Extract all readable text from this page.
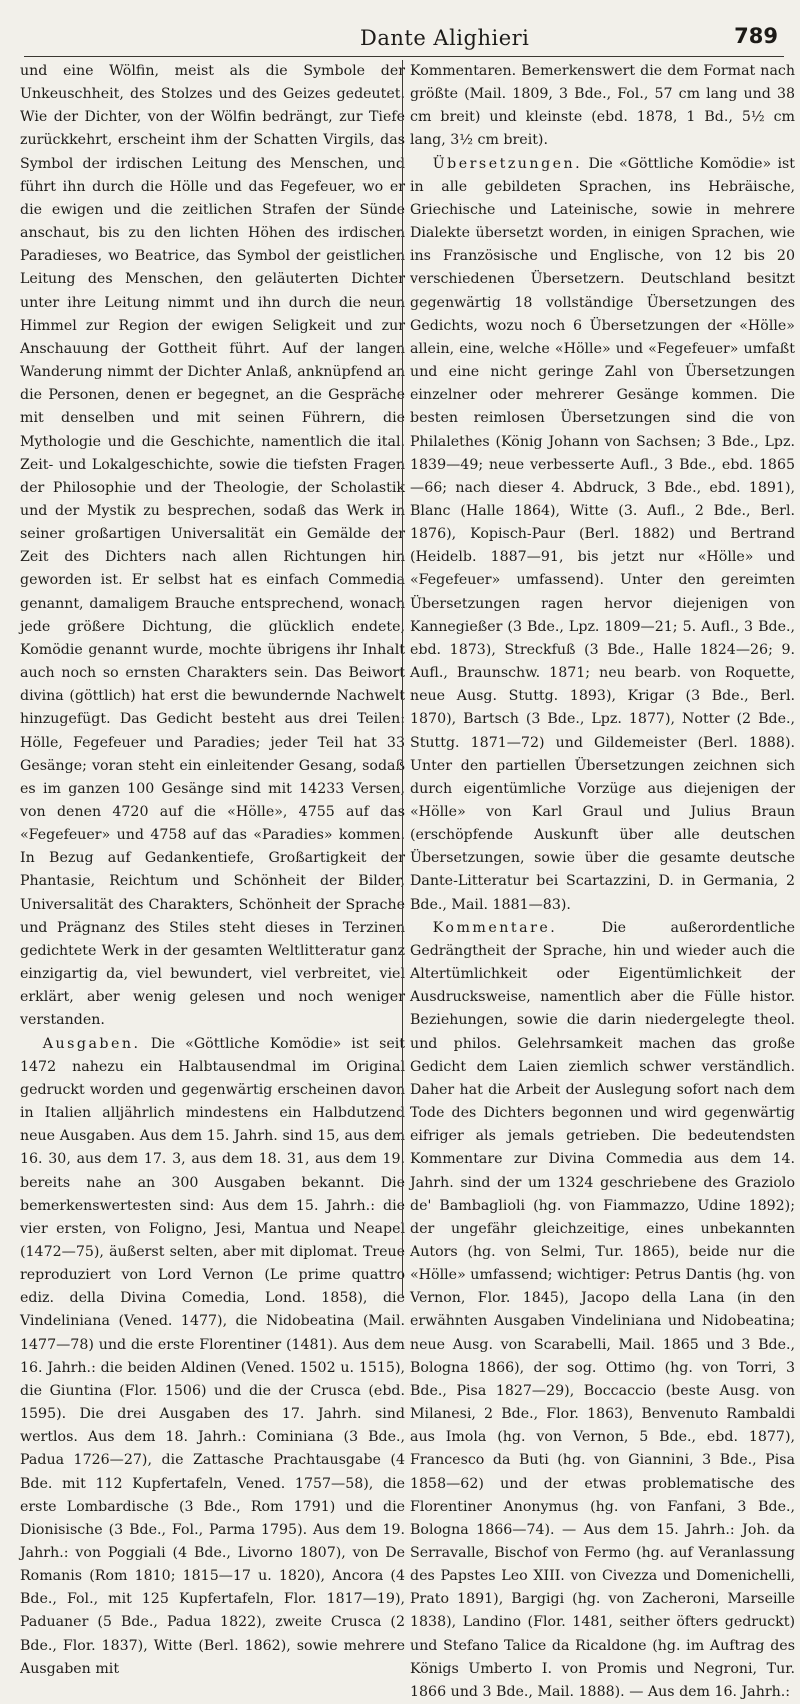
Dante Alighieri	789

und eine Wölfin, meist als die Symbole der Unkeuschheit, des Stolzes und des Geizes gedeutet. Wie der Dichter, von der Wölfin bedrängt, zur Tiefe zurückkehrt, erscheint ihm der Schatten Virgils, das Symbol der irdischen Leitung des Menschen, und führt ihn durch die Hölle und das Fegefeuer, wo er die ewigen und die zeitlichen Strafen der Sünde anschaut, bis zu den lichten Höhen des irdischen Paradieses, wo Beatrice, das Symbol der geistlichen Leitung des Menschen, den geläuterten Dichter unter ihre Leitung nimmt und ihn durch die neun Himmel zur Region der ewigen Seligkeit und zur Anschauung der Gottheit führt. Auf der langen Wanderung nimmt der Dichter Anlaß, anknüpfend an die Personen, denen er begegnet, an die Gespräche mit denselben und mit seinen Führern, die Mythologie und die Geschichte, namentlich die ital. Zeit- und Lokalgeschichte, sowie die tiefsten Fragen der Philosophie und der Theologie, der Scholastik und der Mystik zu besprechen, sodaß das Werk in seiner großartigen Universalität ein Gemälde der Zeit des Dichters nach allen Richtungen hin geworden ist. Er selbst hat es einfach Commedia genannt, damaligem Brauche entsprechend, wonach jede größere Dichtung, die glücklich endete, Komödie genannt wurde, mochte übrigens ihr Inhalt auch noch so ernsten Charakters sein. Das Beiwort divina (göttlich) hat erst die bewundernde Nachwelt hinzugefügt. Das Gedicht besteht aus drei Teilen: Hölle, Fegefeuer und Paradies; jeder Teil hat 33 Gesänge; voran steht ein einleitender Gesang, sodaß es im ganzen 100 Gesänge sind mit 14233 Versen, von denen 4720 auf die «Hölle», 4755 auf das «Fegefeuer» und 4758 auf das «Paradies» kommen. In Bezug auf Gedankentiefe, Großartigkeit der Phantasie, Reichtum und Schönheit der Bilder, Universalität des Charakters, Schönheit der Sprache und Prägnanz des Stiles steht dieses in Terzinen gedichtete Werk in der gesamten Weltlitteratur ganz einzigartig da, viel bewundert, viel verbreitet, viel erklärt, aber wenig gelesen und noch weniger verstanden.

Ausgaben. Die «Göttliche Komödie» ist seit 1472 nahezu ein Halbtausendmal im Original gedruckt worden und gegenwärtig erscheinen davon in Italien alljährlich mindestens ein Halbdutzend neue Ausgaben. Aus dem 15. Jahrh. sind 15, aus dem 16. 30, aus dem 17. 3, aus dem 18. 31, aus dem 19. bereits nahe an 300 Ausgaben bekannt. Die bemerkenswertesten sind: Aus dem 15. Jahrh.: die vier ersten, von Foligno, Jesi, Mantua und Neapel (1472—75), äußerst selten, aber mit diplomat. Treue reproduziert von Lord Vernon (Le prime quattro ediz. della Divina Comedia, Lond. 1858), die Vindeliniana (Vened. 1477), die Nidobeatina (Mail. 1477—78) und die erste Florentiner (1481). Aus dem 16. Jahrh.: die beiden Aldinen (Vened. 1502 u. 1515), die Giuntina (Flor. 1506) und die der Crusca (ebd. 1595). Die drei Ausgaben des 17. Jahrh. sind wertlos. Aus dem 18. Jahrh.: Cominiana (3 Bde., Padua 1726—27), die Zattasche Prachtausgabe (4 Bde. mit 112 Kupfertafeln, Vened. 1757—58), die erste Lombardische (3 Bde., Rom 1791) und die Dionisische (3 Bde., Fol., Parma 1795). Aus dem 19. Jahrh.: von Poggiali (4 Bde., Livorno 1807), von De Romanis (Rom 1810; 1815—17 u. 1820), Ancora (4 Bde., Fol., mit 125 Kupfertafeln, Flor. 1817—19), Paduaner (5 Bde., Padua 1822), zweite Crusca (2 Bde., Flor. 1837), Witte (Berl. 1862), sowie mehrere Ausgaben mit

Kommentaren. Bemerkenswert die dem Format nach größte (Mail. 1809, 3 Bde., Fol., 57 cm lang und 38 cm breit) und kleinste (ebd. 1878, 1 Bd., 5½ cm lang, 3½ cm breit).

Übersetzungen. Die «Göttliche Komödie» ist in alle gebildeten Sprachen, ins Hebräische, Griechische und Lateinische, sowie in mehrere Dialekte übersetzt worden, in einigen Sprachen, wie ins Französische und Englische, von 12 bis 20 verschiedenen Übersetzern. Deutschland besitzt gegenwärtig 18 vollständige Übersetzungen des Gedichts, wozu noch 6 Übersetzungen der «Hölle» allein, eine, welche «Hölle» und «Fegefeuer» umfaßt und eine nicht geringe Zahl von Übersetzungen einzelner oder mehrerer Gesänge kommen. Die besten reimlosen Übersetzungen sind die von Philalethes (König Johann von Sachsen; 3 Bde., Lpz. 1839—49; neue verbesserte Aufl., 3 Bde., ebd. 1865—66; nach dieser 4. Abdruck, 3 Bde., ebd. 1891), Blanc (Halle 1864), Witte (3. Aufl., 2 Bde., Berl. 1876), Kopisch-Paur (Berl. 1882) und Bertrand (Heidelb. 1887—91, bis jetzt nur «Hölle» und «Fegefeuer» umfassend). Unter den gereimten Übersetzungen ragen hervor diejenigen von Kannegießer (3 Bde., Lpz. 1809—21; 5. Aufl., 3 Bde., ebd. 1873), Streckfuß (3 Bde., Halle 1824—26; 9. Aufl., Braunschw. 1871; neu bearb. von Roquette, neue Ausg. Stuttg. 1893), Krigar (3 Bde., Berl. 1870), Bartsch (3 Bde., Lpz. 1877), Notter (2 Bde., Stuttg. 1871—72) und Gildemeister (Berl. 1888). Unter den partiellen Übersetzungen zeichnen sich durch eigentümliche Vorzüge aus diejenigen der «Hölle» von Karl Graul und Julius Braun (erschöpfende Auskunft über alle deutschen Übersetzungen, sowie über die gesamte deutsche Dante-Litteratur bei Scartazzini, D. in Germania, 2 Bde., Mail. 1881—83).

Kommentare. Die außerordentliche Gedrängtheit der Sprache, hin und wieder auch die Altertümlichkeit oder Eigentümlichkeit der Ausdrucksweise, namentlich aber die Fülle histor. Beziehungen, sowie die darin niedergelegte theol. und philos. Gelehrsamkeit machen das große Gedicht dem Laien ziemlich schwer verständlich. Daher hat die Arbeit der Auslegung sofort nach dem Tode des Dichters begonnen und wird gegenwärtig eifriger als jemals getrieben. Die bedeutendsten Kommentare zur Divina Commedia aus dem 14. Jahrh. sind der um 1324 geschriebene des Graziolo de' Bambaglioli (hg. von Fiammazzo, Udine 1892); der ungefähr gleichzeitige, eines unbekannten Autors (hg. von Selmi, Tur. 1865), beide nur die «Hölle» umfassend; wichtiger: Petrus Dantis (hg. von Vernon, Flor. 1845), Jacopo della Lana (in den erwähnten Ausgaben Vindeliniana und Nidobeatina; neue Ausg. von Scarabelli, Mail. 1865 und 3 Bde., Bologna 1866), der sog. Ottimo (hg. von Torri, 3 Bde., Pisa 1827—29), Boccaccio (beste Ausg. von Milanesi, 2 Bde., Flor. 1863), Benvenuto Rambaldi aus Imola (hg. von Vernon, 5 Bde., ebd. 1877), Francesco da Buti (hg. von Giannini, 3 Bde., Pisa 1858—62) und der etwas problematische des Florentiner Anonymus (hg. von Fanfani, 3 Bde., Bologna 1866—74). — Aus dem 15. Jahrh.: Joh. da Serravalle, Bischof von Fermo (hg. auf Veranlassung des Papstes Leo XIII. von Civezza und Domenichelli, Prato 1891), Bargigi (hg. von Zacheroni, Marseille 1838), Landino (Flor. 1481, seither öfters gedruckt) und Stefano Talice da Ricaldone (hg. im Auftrag des Königs Umberto I. von Promis und Negroni, Tur. 1866 und 3 Bde., Mail. 1888). — Aus dem 16. Jahrh.:
